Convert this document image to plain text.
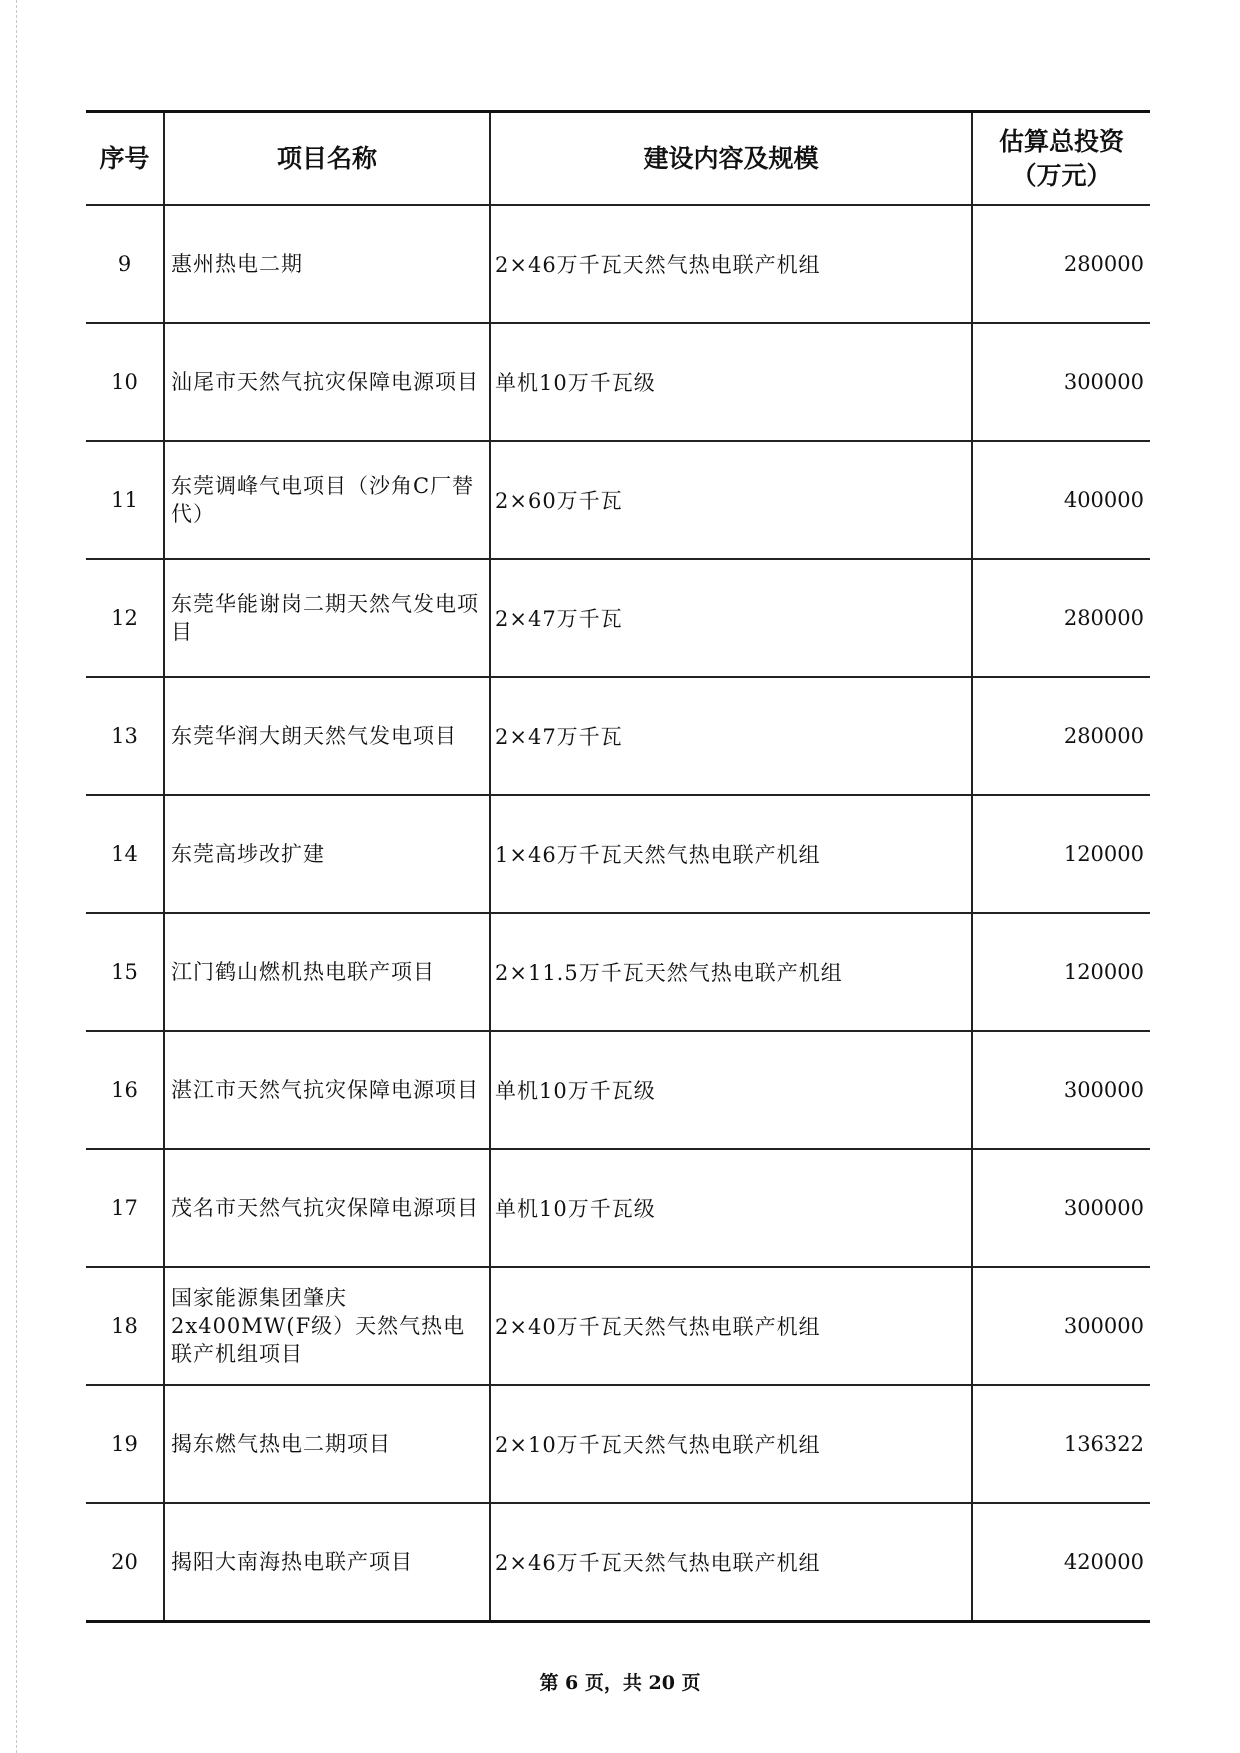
序号	项目名称	建设内容及规模	估算总投资
（万元）

9	惠州热电二期	2×46万千瓦天然气热电联产机组	280000
10	汕尾市天然气抗灾保障电源项目	单机10万千瓦级	300000
11	东莞调峰气电项目（沙角C厂替代）	2×60万千瓦	400000
12	东莞华能谢岗二期天然气发电项目	2×47万千瓦	280000
13	东莞华润大朗天然气发电项目	2×47万千瓦	280000
14	东莞高埗改扩建	1×46万千瓦天然气热电联产机组	120000
15	江门鹤山燃机热电联产项目	2×11.5万千瓦天然气热电联产机组	120000
16	湛江市天然气抗灾保障电源项目	单机10万千瓦级	300000
17	茂名市天然气抗灾保障电源项目	单机10万千瓦级	300000
18	国家能源集团肇庆2x400MW(F级）天然气热电联产机组项目	2×40万千瓦天然气热电联产机组	300000
19	揭东燃气热电二期项目	2×10万千瓦天然气热电联产机组	136322
20	揭阳大南海热电联产项目	2×46万千瓦天然气热电联产机组	420000
第 6 页，共 20 页
